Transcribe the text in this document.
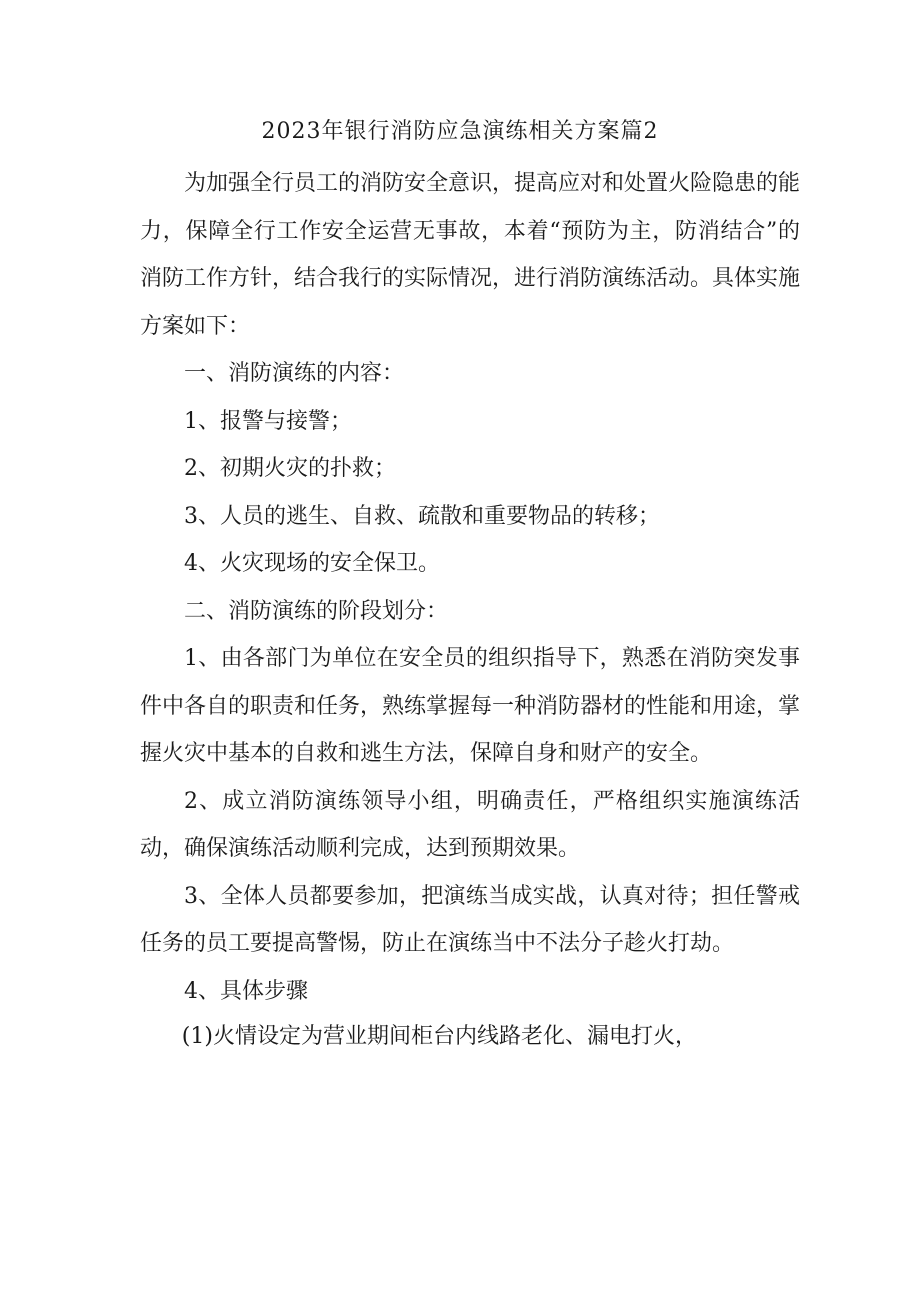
2023年银行消防应急演练相关方案篇2

为加强全行员工的消防安全意识，提高应对和处置火险隐患的能力，保障全行工作安全运营无事故，本着“预防为主，防消结合”的消防工作方针，结合我行的实际情况，进行消防演练活动。具体实施方案如下：

一、消防演练的内容：

1、报警与接警；

2、初期火灾的扑救；

3、人员的逃生、自救、疏散和重要物品的转移；

4、火灾现场的安全保卫。

二、消防演练的阶段划分：

1、由各部门为单位在安全员的组织指导下，熟悉在消防突发事件中各自的职责和任务，熟练掌握每一种消防器材的性能和用途，掌握火灾中基本的自救和逃生方法，保障自身和财产的安全。

2、成立消防演练领导小组，明确责任，严格组织实施演练活动，确保演练活动顺利完成，达到预期效果。

3、全体人员都要参加，把演练当成实战，认真对待；担任警戒任务的员工要提高警惕，防止在演练当中不法分子趁火打劫。

4、具体步骤

(1)火情设定为营业期间柜台内线路老化、漏电打火，
